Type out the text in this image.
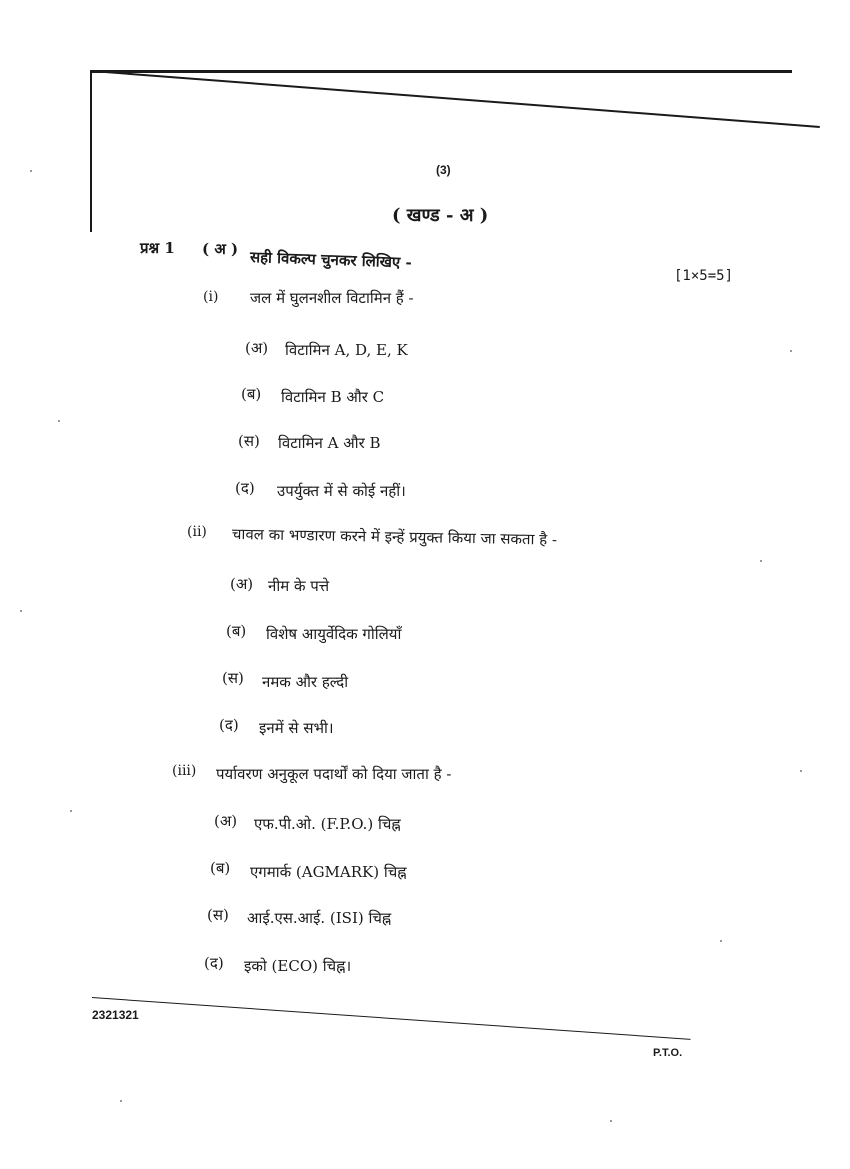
(3)
( खण्ड - अ )
प्रश्न 1 ( अ ) सही विकल्प चुनकर लिखिए -
[1×5=5]
(i) जल में घुलनशील विटामिन हैं -
(अ) विटामिन A, D, E, K
(ब) विटामिन B और C
(स) विटामिन A और B
(द) उपर्युक्त में से कोई नहीं।
(ii) चावल का भण्डारण करने में इन्हें प्रयुक्त किया जा सकता है -
(अ) नीम के पत्ते
(ब) विशेष आयुर्वेदिक गोलियाँ
(स) नमक और हल्दी
(द) इनमें से सभी।
(iii) पर्यावरण अनुकूल पदार्थों को दिया जाता है -
(अ) एफ.पी.ओ. (F.P.O.) चिह्न
(ब) एगमार्क (AGMARK) चिह्न
(स) आई.एस.आई. (ISI) चिह्न
(द) इको (ECO) चिह्न।
2321321
P.T.O.
